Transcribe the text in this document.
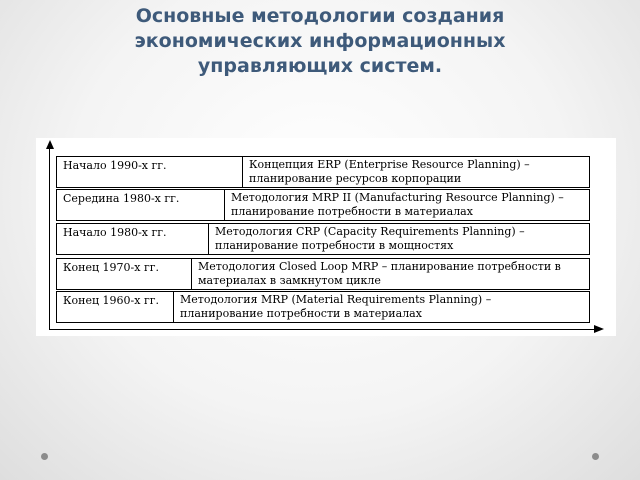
Основные методологии создания
экономических информационных
управляющих систем.
Начало 1990-х гг.	Концепция ERP (Enterprise Resource Planning) –
планирование ресурсов корпорации
Середина 1980-х гг.	Методология MRP II (Manufacturing Resource Planning) –
планирование потребности в материалах
Начало 1980-х гг.	Методология CRP (Capacity Requirements Planning) –
планирование потребности в мощностях
Конец 1970-х гг.	Методология Closed Loop MRP – планирование потребности в
материалах в замкнутом цикле
Конец 1960-х гг.	Методология MRP (Material Requirements Planning) –
планирование потребности в материалах
